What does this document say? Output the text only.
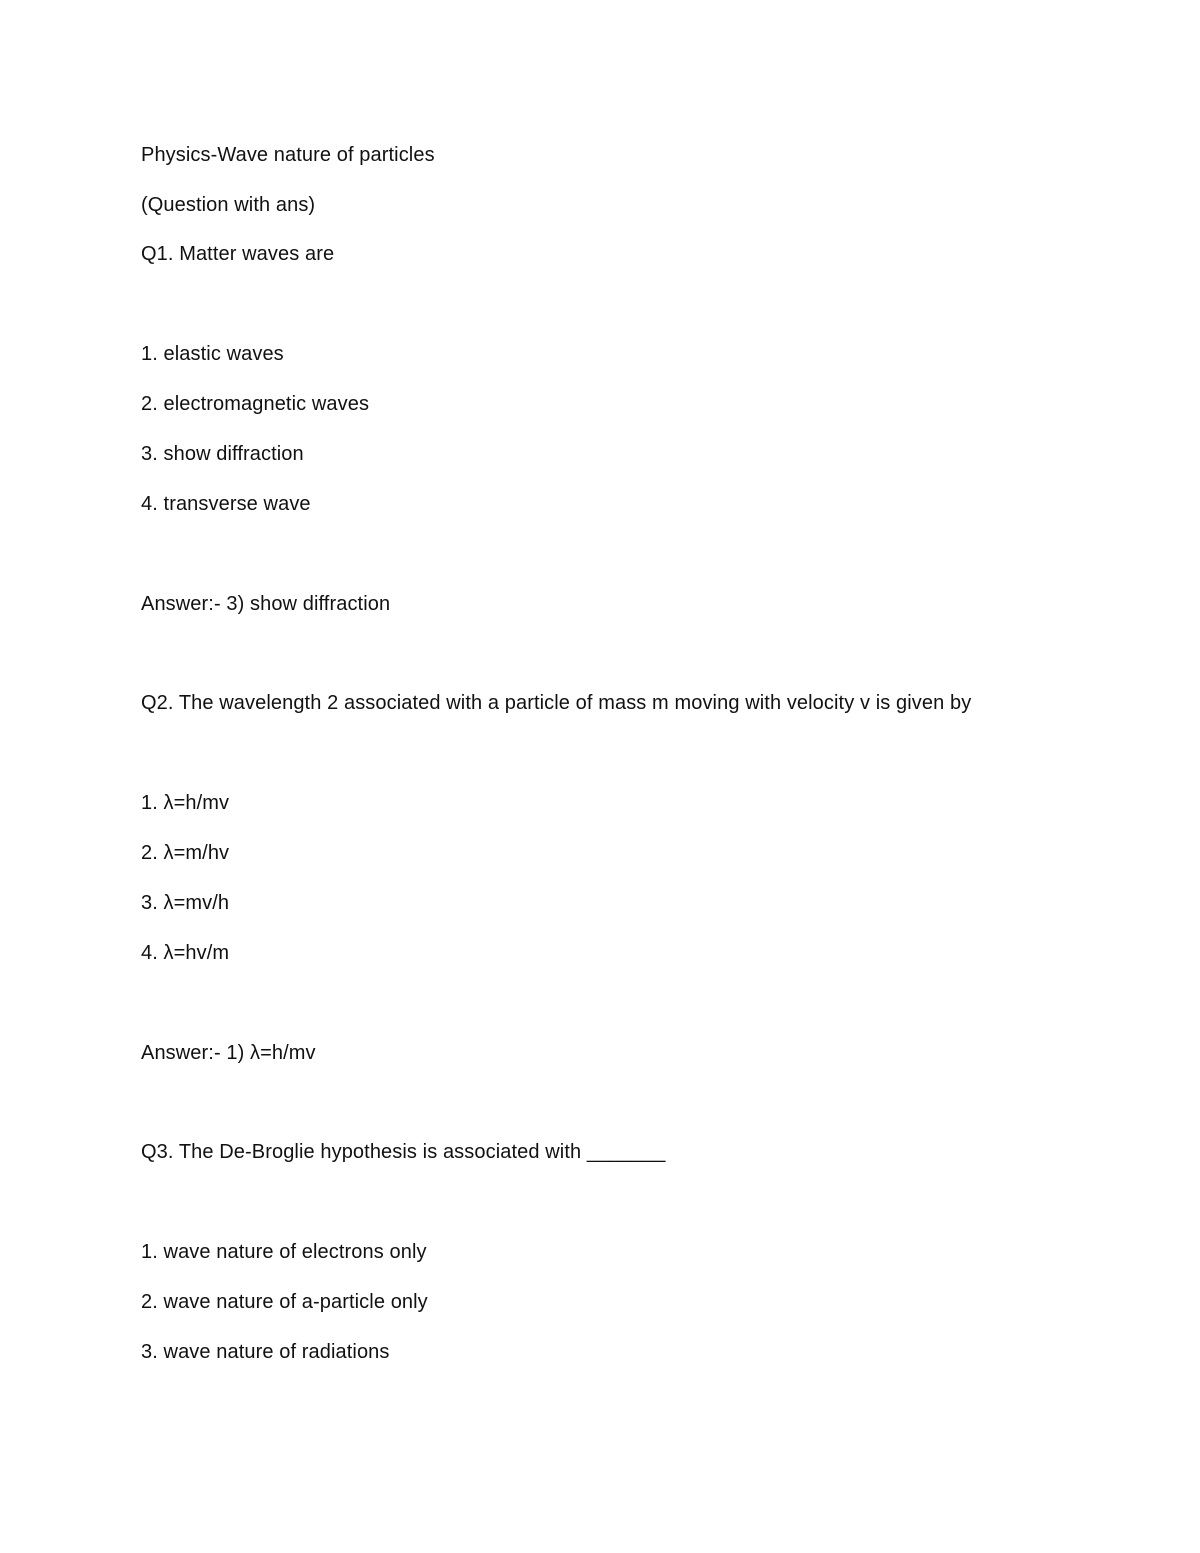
Physics-Wave nature of particles
(Question with ans)
Q1. Matter waves are
1. elastic waves
2. electromagnetic waves
3. show diffraction
4. transverse wave
Answer:- 3) show diffraction
Q2. The wavelength 2 associated with a particle of mass m moving with velocity v is given by
1. λ=h/mv
2. λ=m/hv
3. λ=mv/h
4. λ=hv/m
Answer:- 1) λ=h/mv
Q3. The De-Broglie hypothesis is associated with _______
1. wave nature of electrons only
2. wave nature of a-particle only
3. wave nature of radiations
